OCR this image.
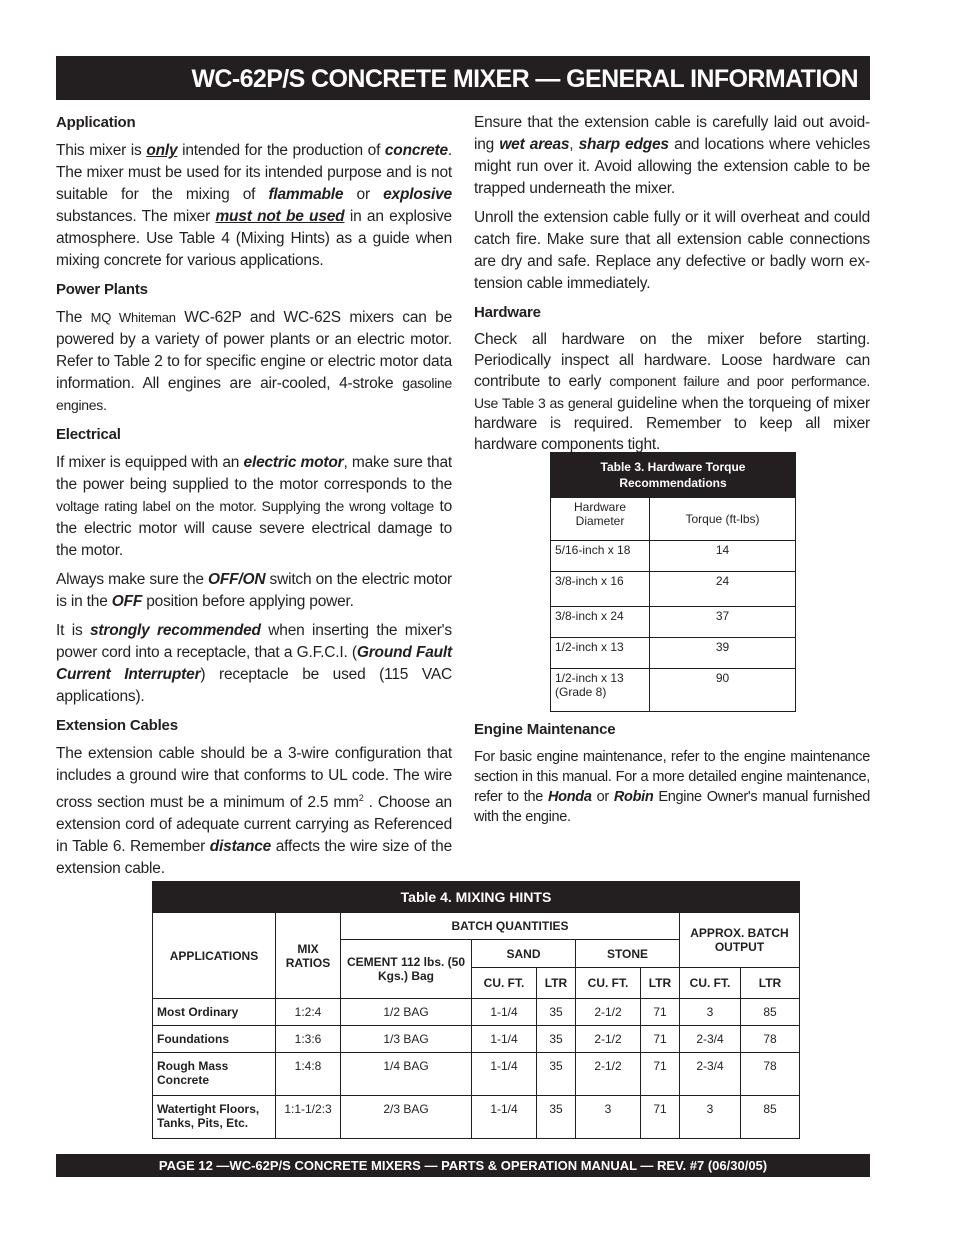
WC-62P/S CONCRETE MIXER — GENERAL INFORMATION
Application

This mixer is only intended for the production of concrete. The mixer must be used for its intended purpose and is not suitable for the mixing of flammable or explosive substances. The mixer must not be used in an explosive atmosphere. Use Table 4 (Mixing Hints) as a guide when mixing concrete for various applications.

Power Plants

The MQ Whiteman WC-62P and WC-62S mixers can be powered by a variety of power plants or an electric motor. Refer to Table 2 to for specific engine or electric motor data information. All engines are air-cooled, 4-stroke gasoline engines.

Electrical

If mixer is equipped with an electric motor, make sure that the power being supplied to the motor corresponds to the voltage rating label on the motor. Supplying the wrong voltage to the electric motor will cause severe electrical damage to the motor.

Always make sure the OFF/ON switch on the electric motor is in the OFF position before applying power.

It is strongly recommended when inserting the mixer's power cord into a receptacle, that a G.F.C.I. (Ground Fault Current Interrupter) receptacle be used (115 VAC applications).

Extension Cables

The extension cable should be a 3-wire configuration that includes a ground wire that conforms to UL code. The wire cross section must be a minimum of 2.5 $mm^2$ . Choose an extension cord of adequate current carrying as Referenced in Table 6. Remember distance affects the wire size of the extension cable.

Ensure that the extension cable is carefully laid out avoid-ing wet areas, sharp edges and locations where vehicles might run over it. Avoid allowing the extension cable to be trapped underneath the mixer.

Unroll the extension cable fully or it will overheat and could catch fire. Make sure that all extension cable connections are dry and safe. Replace any defective or badly worn ex-tension cable immediately.

Hardware

Check all hardware on the mixer before starting. Periodically inspect all hardware. Loose hardware can contribute to early component failure and poor performance. Use Table 3 as general guideline when the torqueing of mixer hardware is required. Remember to keep all mixer hardware components tight.

Table 3. Hardware Torque Recommendations	
Hardware Diameter	Torque (ft-lbs)
5/16-inch x 18	14
3/8-inch x 16	24
3/8-inch x 24	37
1/2-inch x 13	39
1/2-inch x 13 (Grade 8)	90
Engine Maintenance

For basic engine maintenance, refer to the engine maintenance section in this manual. For a more detailed engine maintenance, refer to the Honda or Robin Engine Owner's manual furnished with the engine.

Table 4. MIXING HINTS								
APPLICATIONS	MIX RATIOS	BATCH QUANTITIES					APPROX. BATCH OUTPUT	
		CEMENT 112 lbs. (50 Kgs.) Bag	SAND		STONE			
			CU. FT.	LTR	CU. FT.	LTR	CU. FT.	LTR
Most Ordinary	1:2:4	1/2 BAG	1-1/4	35	2-1/2	71	3	85
Foundations	1:3:6	1/3 BAG	1-1/4	35	2-1/2	71	2-3/4	78
Rough Mass Concrete	1:4:8	1/4 BAG	1-1/4	35	2-1/2	71	2-3/4	78
Watertight Floors, Tanks, Pits, Etc.	1:1-1/2:3	2/3 BAG	1-1/4	35	3	71	3	85
PAGE 12 —WC-62P/S CONCRETE MIXERS — PARTS & OPERATION MANUAL — REV. #7 (06/30/05)
